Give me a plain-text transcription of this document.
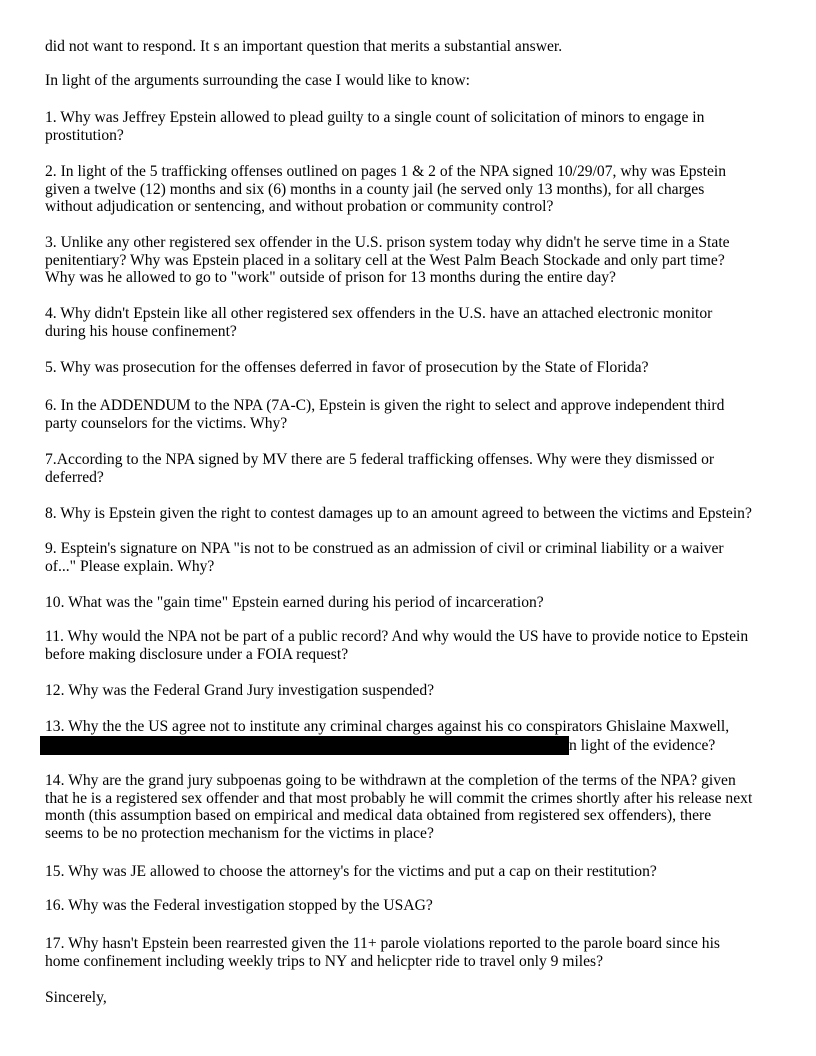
did not want to respond. It s an important question that merits a substantial answer.
In light of the arguments surrounding the case I would like to know:
1. Why was Jeffrey Epstein allowed to plead guilty to a single count of solicitation of minors to engage in
prostitution?
2. In light of the 5 trafficking offenses outlined on pages 1 & 2 of the NPA signed 10/29/07, why was Epstein
given a twelve (12) months and six (6) months in a county jail (he served only 13 months), for all charges
without adjudication or sentencing, and without probation or community control?
3. Unlike any other registered sex offender in the U.S. prison system today why didn't he serve time in a State
penitentiary? Why was Epstein placed in a solitary cell at the West Palm Beach Stockade and only part time?
Why was he allowed to go to "work" outside of prison for 13 months during the entire day?
4. Why didn't Epstein like all other registered sex offenders in the U.S. have an attached electronic monitor
during his house confinement?
5. Why was prosecution for the offenses deferred in favor of prosecution by the State of Florida?
6. In the ADDENDUM to the NPA (7A-C), Epstein is given the right to select and approve independent third
party counselors for the victims. Why?
7.According to the NPA signed by MV there are 5 federal trafficking offenses. Why were they dismissed or
deferred?
8. Why is Epstein given the right to contest damages up to an amount agreed to between the victims and Epstein?
9. Esptein's signature on NPA "is not to be construed as an admission of civil or criminal liability or a waiver
of..." Please explain. Why?
10. What was the "gain time" Epstein earned during his period of incarceration?
11. Why would the NPA not be part of a public record? And why would the US have to provide notice to Epstein
before making disclosure under a FOIA request?
12. Why was the Federal Grand Jury investigation suspended?
13. Why the the US agree not to institute any criminal charges against his co conspirators Ghislaine Maxwell,
n light of the evidence?
14. Why are the grand jury subpoenas going to be withdrawn at the completion of the terms of the NPA? given
that he is a registered sex offender and that most probably he will commit the crimes shortly after his release next
month (this assumption based on empirical and medical data obtained from registered sex offenders), there
seems to be no protection mechanism for the victims in place?
15. Why was JE allowed to choose the attorney's for the victims and put a cap on their restitution?
16. Why was the Federal investigation stopped by the USAG?
17. Why hasn't Epstein been rearrested given the 11+ parole violations reported to the parole board since his
home confinement including weekly trips to NY and helicpter ride to travel only 9 miles?
Sincerely,
